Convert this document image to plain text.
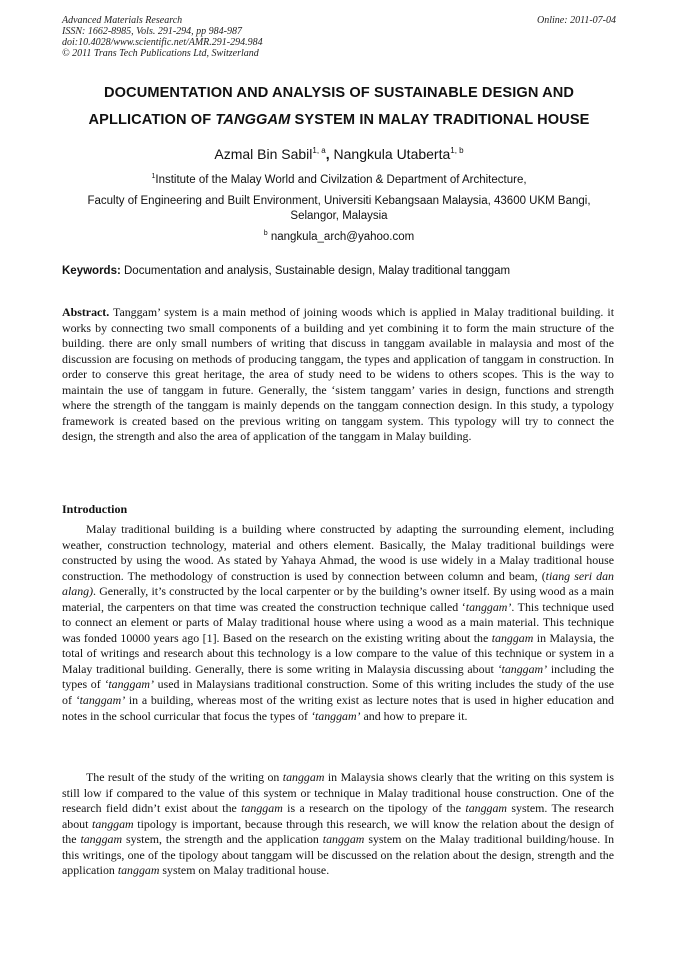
Advanced Materials Research
ISSN: 1662-8985, Vols. 291-294, pp 984-987
doi:10.4028/www.scientific.net/AMR.291-294.984
© 2011 Trans Tech Publications Ltd, Switzerland
Online: 2011-07-04
DOCUMENTATION AND ANALYSIS OF SUSTAINABLE DESIGN AND
APLLICATION OF TANGGAM SYSTEM IN MALAY TRADITIONAL HOUSE
Azmal Bin Sabil$^{1, a}$, Nangkula Utaberta$^{1, b}$
$^1$Institute of the Malay World and Civilzation & Department of Architecture,
Faculty of Engineering and Built Environment, Universiti Kebangsaan Malaysia, 43600 UKM Bangi,
Selangor, Malaysia
$^b$ nangkula_arch@yahoo.com
Keywords: Documentation and analysis, Sustainable design, Malay traditional tanggam
Abstract. Tanggam’ system is a main method of joining woods which is applied in Malay traditional building. it works by connecting two small components of a building and yet combining it to form the main structure of the building. there are only small numbers of writing that discuss in tanggam available in malaysia and most of the discussion are focusing on methods of producing tanggam, the types and application of tanggam in construction. In order to conserve this great heritage, the area of study need to be widens to others scopes. This is the way to maintain the use of tanggam in future. Generally, the ‘sistem tanggam’ varies in design, functions and strength where the strength of the tanggam is mainly depends on the tanggam connection design. In this study, a typology framework is created based on the previous writing on tanggam system. This typology will try to connect the design, the strength and also the area of application of the tanggam in Malay building.
Introduction
Malay traditional building is a building where constructed by adapting the surrounding element, including weather, construction technology, material and others element. Basically, the Malay traditional buildings were constructed by using the wood. As stated by Yahaya Ahmad, the wood is use widely in a Malay traditional house construction. The methodology of construction is used by connection between column and beam, (tiang seri dan alang). Generally, it’s constructed by the local carpenter or by the building’s owner itself. By using wood as a main material, the carpenters on that time was created the construction technique called ‘tanggam’. This technique used to connect an element or parts of Malay traditional house where using a wood as a main material. This technique was fonded 10000 years ago [1]. Based on the research on the existing writing about the tanggam in Malaysia, the total of writings and research about this technology is a low compare to the value of this technique or system in a Malay traditional building. Generally, there is some writing in Malaysia discussing about ‘tanggam’ including the types of ‘tanggam’ used in Malaysians traditional construction. Some of this writing includes the study of the use of ‘tanggam’ in a building, whereas most of the writing exist as lecture notes that is used in higher education and notes in the school curricular that focus the types of ‘tanggam’ and how to prepare it.
The result of the study of the writing on tanggam in Malaysia shows clearly that the writing on this system is still low if compared to the value of this system or technique in Malay traditional house construction. One of the research field didn’t exist about the tanggam is a research on the tipology of the tanggam system. The research about tanggam tipology is important, because through this research, we will know the relation about the design of the tanggam system, the strength and the application tanggam system on the Malay traditional building/house. In this writings, one of the tipology about tanggam will be discussed on the relation about the design, strength and the application tanggam system on Malay traditional house.
